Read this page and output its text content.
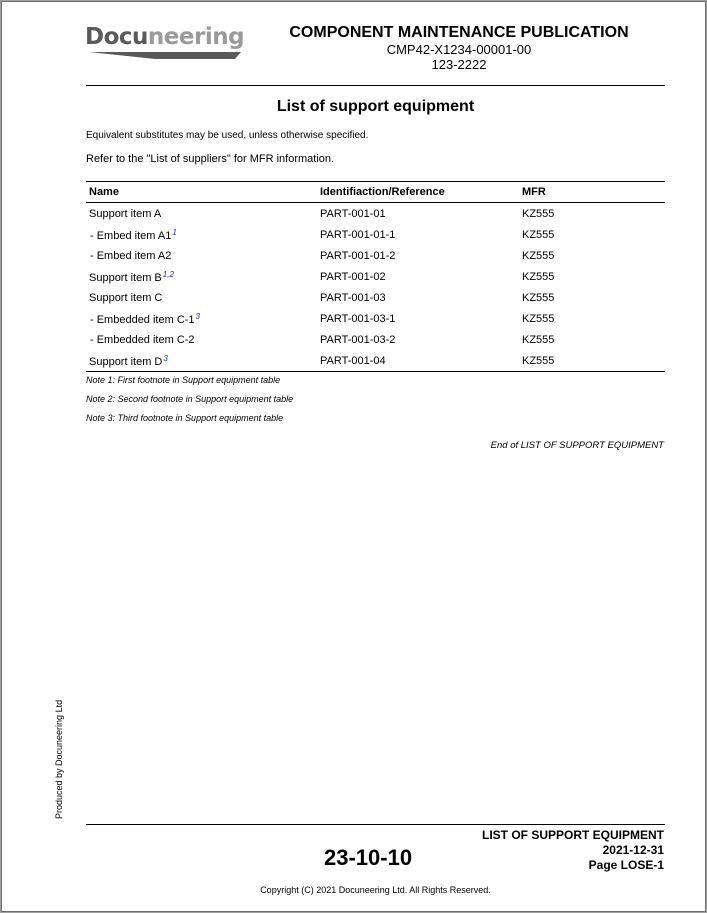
Docuneering	COMPONENT MAINTENANCE PUBLICATION
CMP42-X1234-00001-00
123-2222
List of support equipment
Equivalent substitutes may be used, unless otherwise specified.
Refer to the "List of suppliers" for MFR information.
Name	Identifiaction/Reference	MFR
Support item A	PART-001-01	KZ555
- Embed item $A1^1$	PART-001-01-1	KZ555
- Embed item A2	PART-001-01-2	KZ555
Support item B$^{1,2}$	PART-001-02	KZ555
Support item C	PART-001-03	KZ555
- Embedded item $C-1^3$	PART-001-03-1	KZ555
- Embedded item C-2	PART-001-03-2	KZ555
Support item $D^3$	PART-001-04	KZ555
Note 1: First footnote in Support equipment table
Note 2: Second footnote in Support equipment table
Note 3: Third footnote in Support equipment table
End of LIST OF SUPPORT EQUIPMENT
Produced by Docuneering Ltd
23-10-10
LIST OF SUPPORT EQUIPMENT
2021-12-31
Page LOSE-1
Copyright (C) 2021 Docuneering Ltd. All Rights Reserved.
